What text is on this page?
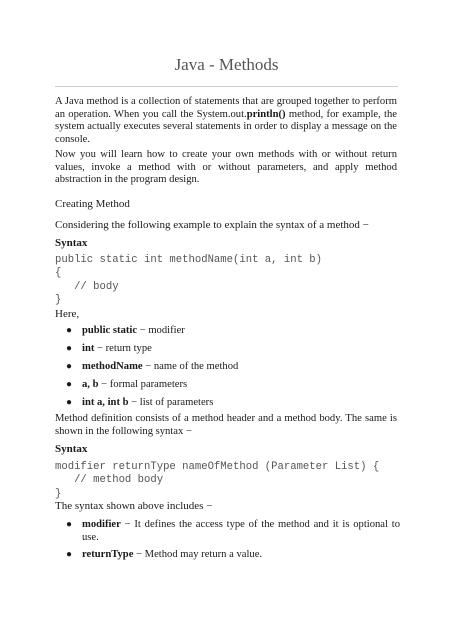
Java - Methods
A Java method is a collection of statements that are grouped together to perform an operation. When you call the System.out.println() method, for example, the system actually executes several statements in order to display a message on the console.
Now you will learn how to create your own methods with or without return values, invoke a method with or without parameters, and apply method abstraction in the program design.
Creating Method
Considering the following example to explain the syntax of a method −
Syntax
public static int methodName(int a, int b)
{
// body
}
Here,
● public static − modifier
● int − return type
● methodName − name of the method
● a, b − formal parameters
● int a, int b − list of parameters
Method definition consists of a method header and a method body. The same is shown in the following syntax −
Syntax
modifier returnType nameOfMethod (Parameter List) {
// method body
}
The syntax shown above includes −
● modifier − It defines the access type of the method and it is optional to use.
● returnType − Method may return a value.
